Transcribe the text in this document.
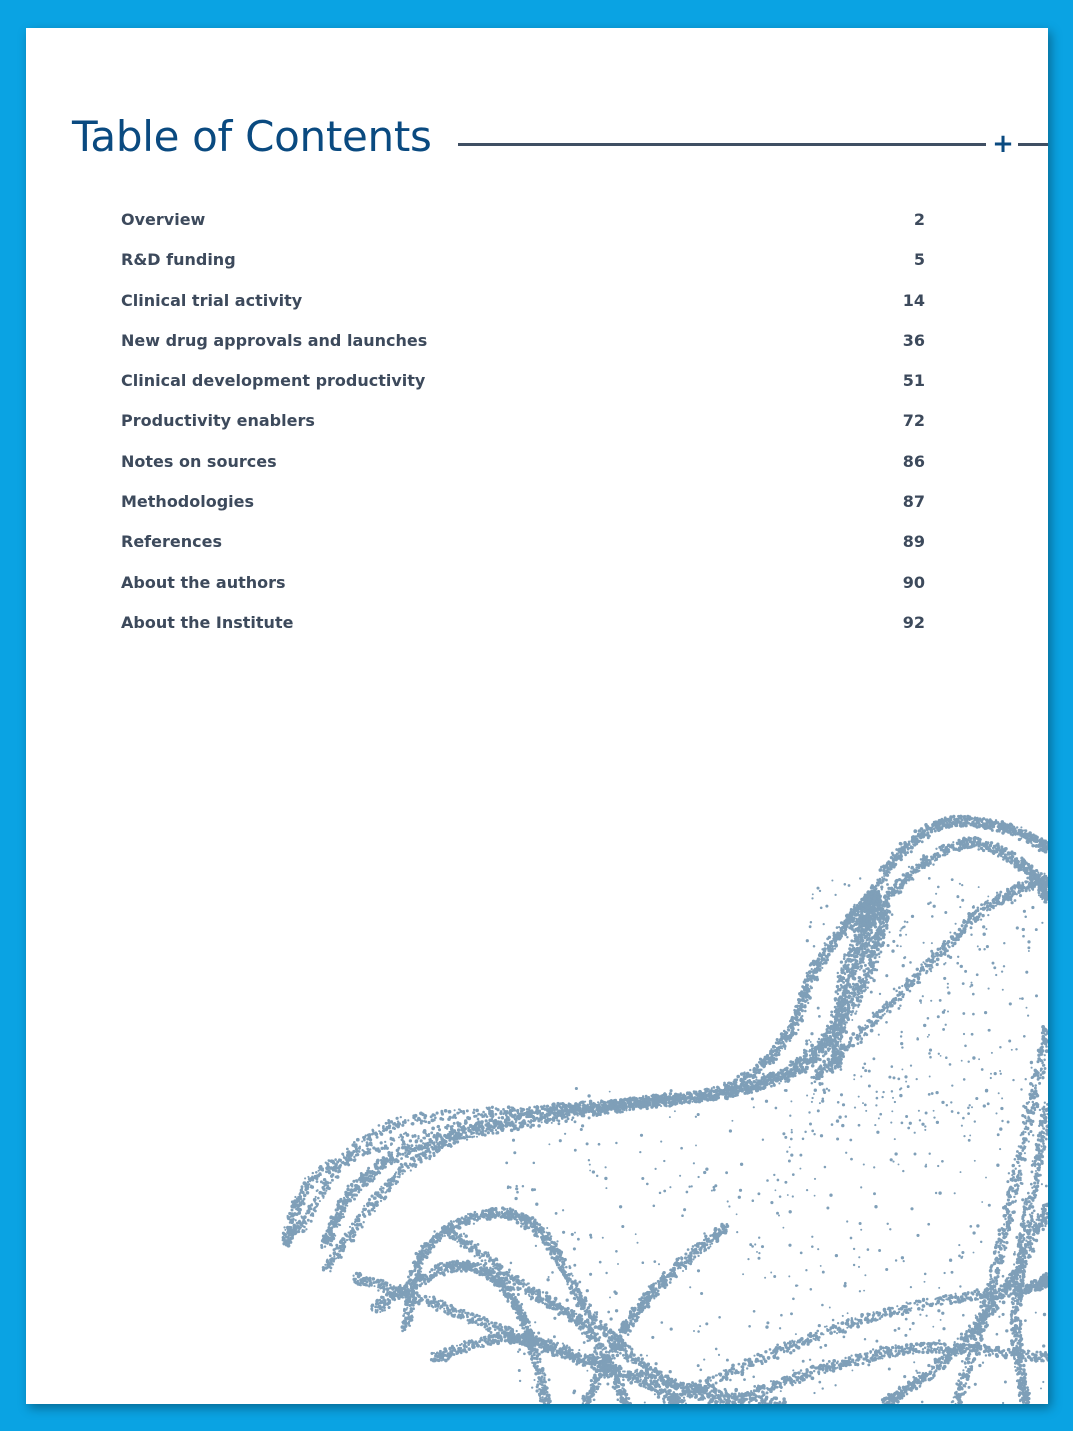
Table of Contents	+
Overview	2
R&D funding	5
Clinical trial activity	14
New drug approvals and launches	36
Clinical development productivity	51
Productivity enablers	72
Notes on sources	86
Methodologies	87
References	89
About the authors	90
About the Institute	92
